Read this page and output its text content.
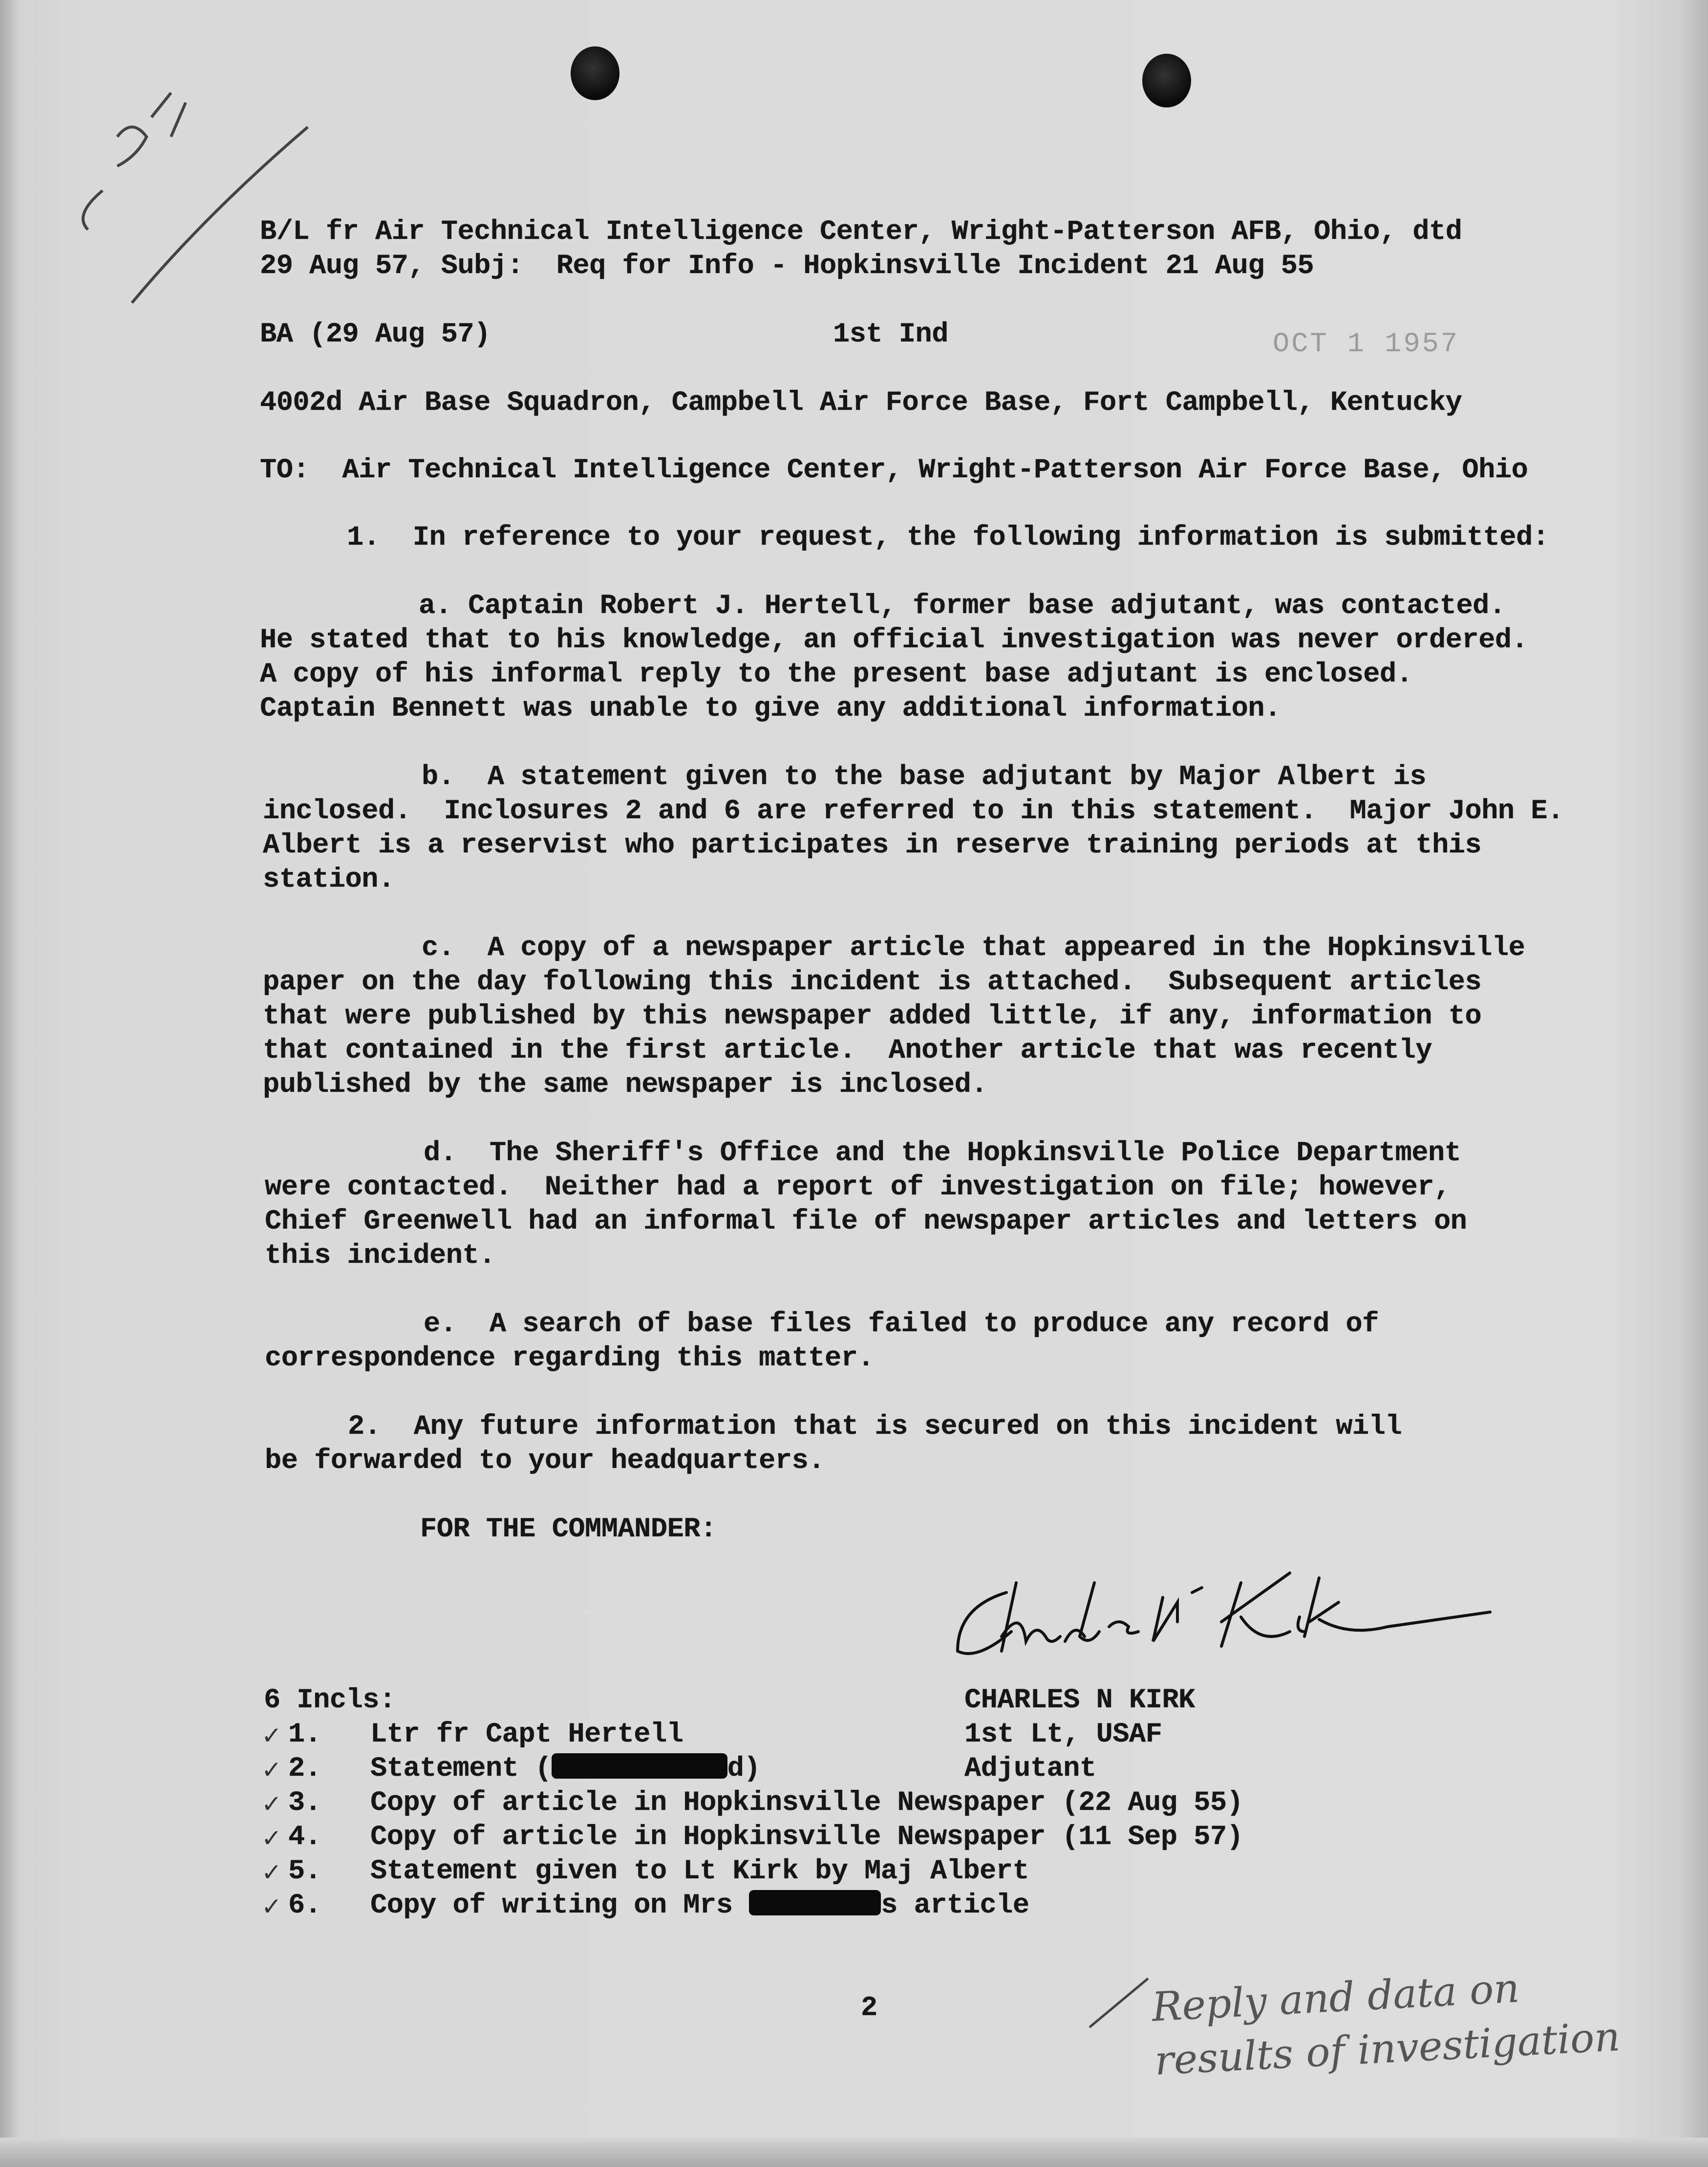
B/L fr Air Technical Intelligence Center, Wright-Patterson AFB, Ohio, dtd
29 Aug 57, Subj:  Req for Info - Hopkinsville Incident 21 Aug 55
BA (29 Aug 57)	1st Ind	OCT 1 1957
4002d Air Base Squadron, Campbell Air Force Base, Fort Campbell, Kentucky
TO:  Air Technical Intelligence Center, Wright-Patterson Air Force Base, Ohio
1.  In reference to your request, the following information is submitted:
a. Captain Robert J. Hertell, former base adjutant, was contacted.
He stated that to his knowledge, an official investigation was never ordered.
A copy of his informal reply to the present base adjutant is enclosed.
Captain Bennett was unable to give any additional information.
b.  A statement given to the base adjutant by Major Albert is
inclosed.  Inclosures 2 and 6 are referred to in this statement.  Major John E.
Albert is a reservist who participates in reserve training periods at this
station.
c.  A copy of a newspaper article that appeared in the Hopkinsville
paper on the day following this incident is attached.  Subsequent articles
that were published by this newspaper added little, if any, information to
that contained in the first article.  Another article that was recently
published by the same newspaper is inclosed.
d.  The Sheriff's Office and the Hopkinsville Police Department
were contacted.  Neither had a report of investigation on file; however,
Chief Greenwell had an informal file of newspaper articles and letters on
this incident.
e.  A search of base files failed to produce any record of
correspondence regarding this matter.
2.  Any future information that is secured on this incident will
be forwarded to your headquarters.
FOR THE COMMANDER:
6 Incls:	CHARLES N KIRK
1st Lt, USAF
Adjutant
✓ 1. Ltr fr Capt Hertell
✓ 2. Statement (	d)
✓ 3. Copy of article in Hopkinsville Newspaper (22 Aug 55)
✓ 4. Copy of article in Hopkinsville Newspaper (11 Sep 57)
✓ 5. Statement given to Lt Kirk by Maj Albert
✓ 6. Copy of writing on Mrs	s article
2	Reply and data on
results of investigation
